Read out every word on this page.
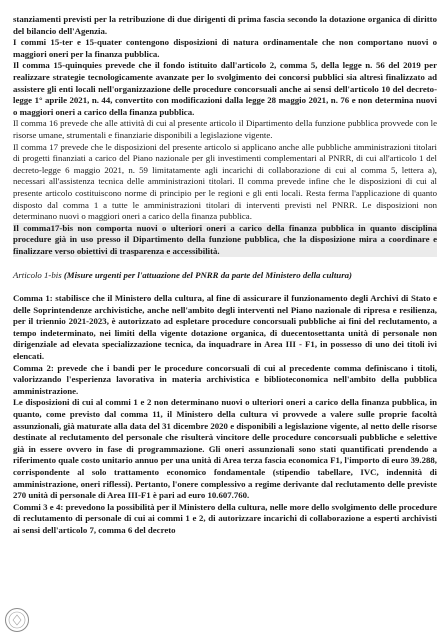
stanziamenti previsti per la retribuzione di due dirigenti di prima fascia secondo la dotazione organica di diritto del bilancio dell'Agenzia.

I commi 15-ter e 15-quater contengono disposizioni di natura ordinamentale che non comportano nuovi o maggiori oneri per la finanza pubblica.

Il comma 15-quinquies prevede che il fondo istituito dall'articolo 2, comma 5, della legge n. 56 del 2019 per realizzare strategie tecnologicamente avanzate per lo svolgimento dei concorsi pubblici sia altresì finalizzato ad assistere gli enti locali nell'organizzazione delle procedure concorsuali anche ai sensi dell'articolo 10 del decreto-legge 1° aprile 2021, n. 44, convertito con modificazioni dalla legge 28 maggio 2021, n. 76 e non determina nuovi o maggiori oneri a carico della finanza pubblica.

Il comma 16 prevede che alle attività di cui al presente articolo il Dipartimento della funzione pubblica provvede con le risorse umane, strumentali e finanziarie disponibili a legislazione vigente.

Il comma 17 prevede che le disposizioni del presente articolo si applicano anche alle pubbliche amministrazioni titolari di progetti finanziati a carico del Piano nazionale per gli investimenti complementari al PNRR, di cui all'articolo 1 del decreto-legge 6 maggio 2021, n. 59 limitatamente agli incarichi di collaborazione di cui al comma 5, lettera a), necessari all'assistenza tecnica delle amministrazioni titolari. Il comma prevede infine che le disposizioni di cui al presente articolo costituiscono norme di principio per le regioni e gli enti locali. Resta ferma l'applicazione di quanto disposto dal comma 1 a tutte le amministrazioni titolari di interventi previsti nel PNRR. Le disposizioni non determinano nuovi o maggiori oneri a carico della finanza pubblica.

Il comma17-bis non comporta nuovi o ulteriori oneri a carico della finanza pubblica in quanto disciplina procedure già in uso presso il Dipartimento della funzione pubblica, che la disposizione mira a coordinare e finalizzare verso obiettivi di trasparenza e accessibilità.

Articolo 1-bis (Misure urgenti per l'attuazione del PNRR da parte del Ministero della cultura)

Comma 1: stabilisce che il Ministero della cultura, al fine di assicurare il funzionamento degli Archivi di Stato e delle Soprintendenze archivistiche, anche nell'ambito degli interventi nel Piano nazionale di ripresa e resilienza, per il triennio 2021-2023, è autorizzato ad espletare procedure concorsuali pubbliche ai fini del reclutamento, a tempo indeterminato, nei limiti della vigente dotazione organica, di duecentosettanta unità di personale non dirigenziale ad elevata specializzazione tecnica, da inquadrare in Area III - F1, in possesso di uno dei titoli ivi elencati.

Comma 2: prevede che i bandi per le procedure concorsuali di cui al precedente comma definiscano i titoli, valorizzando l'esperienza lavorativa in materia archivistica e biblioteconomica nell'ambito della pubblica amministrazione.

Le disposizioni di cui al commi 1 e 2 non determinano nuovi o ulteriori oneri a carico della finanza pubblica, in quanto, come previsto dal comma 11, il Ministero della cultura vi provvede a valere sulle proprie facoltà assunzionali, già maturate alla data del 31 dicembre 2020 e disponibili a legislazione vigente, al netto delle risorse destinate al reclutamento del personale che risulterà vincitore delle procedure concorsuali pubbliche e selettive già in essere ovvero in fase di programmazione. Gli oneri assunzionali sono stati quantificati prendendo a riferimento quale costo unitario annuo per una unità di Area terza fascia economica F1, l'importo di euro 39.288, corrispondente al solo trattamento economico fondamentale (stipendio tabellare, IVC, indennità di amministrazione, oneri riflessi). Pertanto, l'onere complessivo a regime derivante dal reclutamento delle previste 270 unità di personale di Area III-F1 è pari ad euro 10.607.760.

Commi 3 e 4: prevedono la possibilità per il Ministero della cultura, nelle more dello svolgimento delle procedure di reclutamento di personale di cui ai commi 1 e 2, di autorizzare incarichi di collaborazione a esperti archivisti ai sensi dell'articolo 7, comma 6 del decreto
